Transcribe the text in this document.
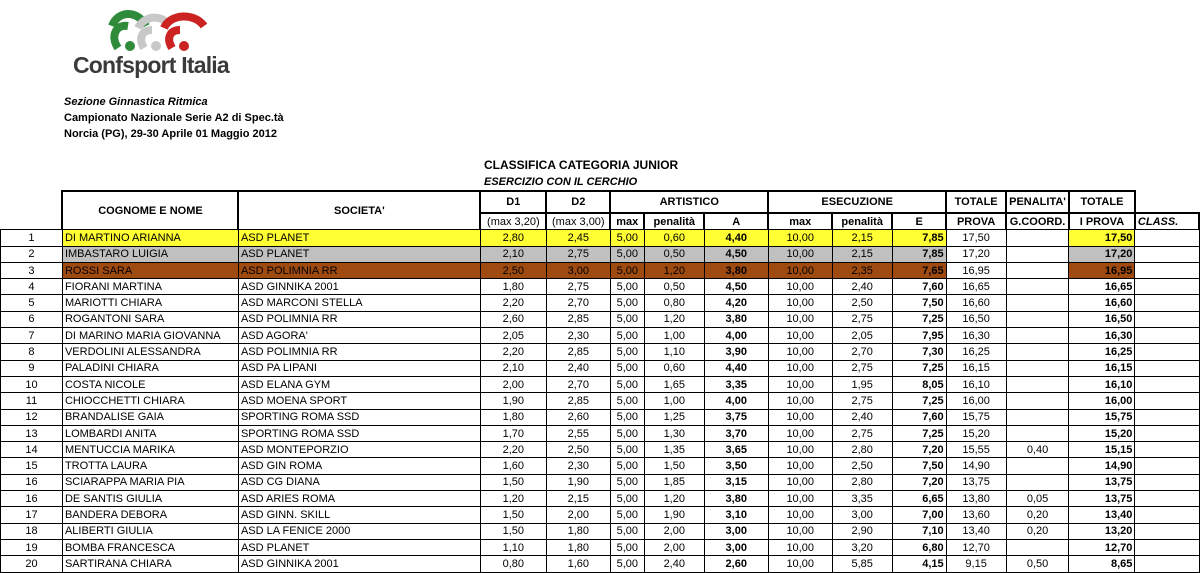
Confsport Italia
Sezione Ginnastica Ritmica
Campionato Nazionale Serie A2 di Spec.tà
Norcia (PG), 29-30 Aprile 01 Maggio 2012
CLASSIFICA CATEGORIA JUNIOR
ESERCIZIO CON IL CERCHIO
	COGNOME E NOME	SOCIETA'	D1	D2	ARTISTICO			ESECUZIONE			TOTALE	PENALITA'	TOTALE	
			(max 3,20)	(max 3,00)	max	penalità	A	max	penalità	E	PROVA	G.COORD.	I PROVA	CLASS.
1	DI MARTINO ARIANNA	ASD PLANET	2,80	2,45	5,00	0,60	4,40	10,00	2,15	7,85	17,50		17,50	
2	IMBASTARO LUIGIA	ASD PLANET	2,10	2,75	5,00	0,50	4,50	10,00	2,15	7,85	17,20		17,20	
3	ROSSI SARA	ASD POLIMNIA RR	2,50	3,00	5,00	1,20	3,80	10,00	2,35	7,65	16,95		16,95	
4	FIORANI MARTINA	ASD GINNIKA 2001	1,80	2,75	5,00	0,50	4,50	10,00	2,40	7,60	16,65		16,65	
5	MARIOTTI CHIARA	ASD MARCONI STELLA	2,20	2,70	5,00	0,80	4,20	10,00	2,50	7,50	16,60		16,60	
6	ROGANTONI SARA	ASD POLIMNIA RR	2,60	2,85	5,00	1,20	3,80	10,00	2,75	7,25	16,50		16,50	
7	DI MARINO MARIA GIOVANNA	ASD AGORA'	2,05	2,30	5,00	1,00	4,00	10,00	2,05	7,95	16,30		16,30	
8	VERDOLINI ALESSANDRA	ASD POLIMNIA RR	2,20	2,85	5,00	1,10	3,90	10,00	2,70	7,30	16,25		16,25	
9	PALADINI CHIARA	ASD PA LIPANI	2,10	2,40	5,00	0,60	4,40	10,00	2,75	7,25	16,15		16,15	
10	COSTA NICOLE	ASD ELANA GYM	2,00	2,70	5,00	1,65	3,35	10,00	1,95	8,05	16,10		16,10	
11	CHIOCCHETTI CHIARA	ASD MOENA SPORT	1,90	2,85	5,00	1,00	4,00	10,00	2,75	7,25	16,00		16,00	
12	BRANDALISE GAIA	SPORTING ROMA SSD	1,80	2,60	5,00	1,25	3,75	10,00	2,40	7,60	15,75		15,75	
13	LOMBARDI ANITA	SPORTING ROMA SSD	1,70	2,55	5,00	1,30	3,70	10,00	2,75	7,25	15,20		15,20	
14	MENTUCCIA MARIKA	ASD MONTEPORZIO	2,20	2,50	5,00	1,35	3,65	10,00	2,80	7,20	15,55	0,40	15,15	
15	TROTTA LAURA	ASD GIN ROMA	1,60	2,30	5,00	1,50	3,50	10,00	2,50	7,50	14,90		14,90	
16	SCIARAPPA MARIA PIA	ASD CG DIANA	1,50	1,90	5,00	1,85	3,15	10,00	2,80	7,20	13,75		13,75	
16	DE SANTIS GIULIA	ASD ARIES ROMA	1,20	2,15	5,00	1,20	3,80	10,00	3,35	6,65	13,80	0,05	13,75	
17	BANDERA DEBORA	ASD GINN. SKILL	1,50	2,00	5,00	1,90	3,10	10,00	3,00	7,00	13,60	0,20	13,40	
18	ALIBERTI GIULIA	ASD LA FENICE 2000	1,50	1,80	5,00	2,00	3,00	10,00	2,90	7,10	13,40	0,20	13,20	
19	BOMBA FRANCESCA	ASD PLANET	1,10	1,80	5,00	2,00	3,00	10,00	3,20	6,80	12,70		12,70	
20	SARTIRANA CHIARA	ASD GINNIKA 2001	0,80	1,60	5,00	2,40	2,60	10,00	5,85	4,15	9,15	0,50	8,65	
